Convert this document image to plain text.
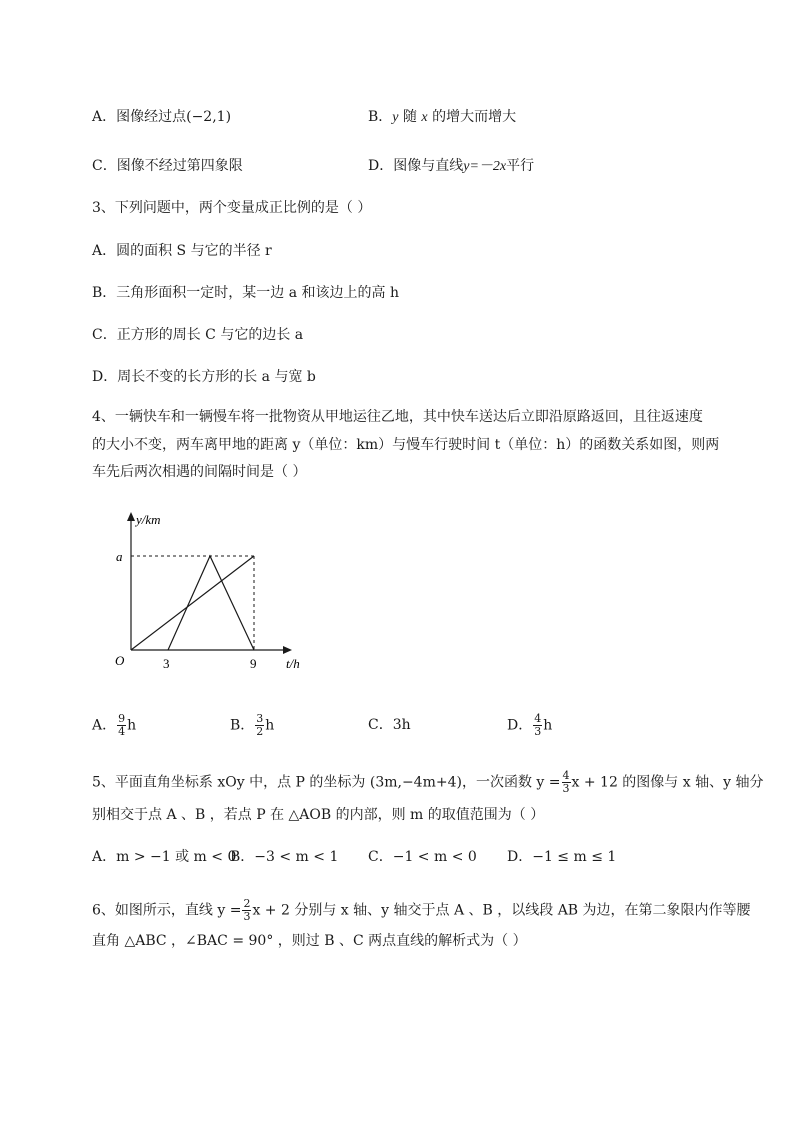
A．图像经过点(−2,1)	B．y 随 x 的增大而增大
C．图像不经过第四象限	D．图像与直线y=－2x平行
3、下列问题中，两个变量成正比例的是（ ）
A．圆的面积 S 与它的半径 r
B．三角形面积一定时，某一边 a 和该边上的高 h
C．正方形的周长 C 与它的边长 a
D．周长不变的长方形的长 a 与宽 b
4、一辆快车和一辆慢车将一批物资从甲地运往乙地，其中快车送达后立即沿原路返回，且往返速度
的大小不变，两车离甲地的距离 y（单位：km）与慢车行驶时间 t（单位：h）的函数关系如图，则两
车先后两次相遇的间隔时间是（ ）
y/km
a
O	3	9 t/h
A． $\frac{9}{4}$ h	B． $\frac{3}{2}$ h	C．3h	D． $\frac{4}{3}$ h
5、平面直角坐标系 xOy 中，点 P 的坐标为 (3m,−4m+4)，一次函数 $y = \frac{4}{3}$ x + 12 的图像与 x 轴、y 轴分
别相交于点 A 、B ，若点 P 在 △AOB 的内部，则 m 的取值范围为（ ）
A．m > −1 或 m < 0
B．−3 < m < 1 C．−1 < m < 0 D．−1 ≤ m ≤ 1
6、如图所示，直线 $y = \frac{2}{3}$ x + 2 分别与 x 轴、y 轴交于点 A 、B ，以线段 AB 为边，在第二象限内作等腰
直角 △ABC ，∠BAC = 90° ，则过 B 、C 两点直线的解析式为（ ）
